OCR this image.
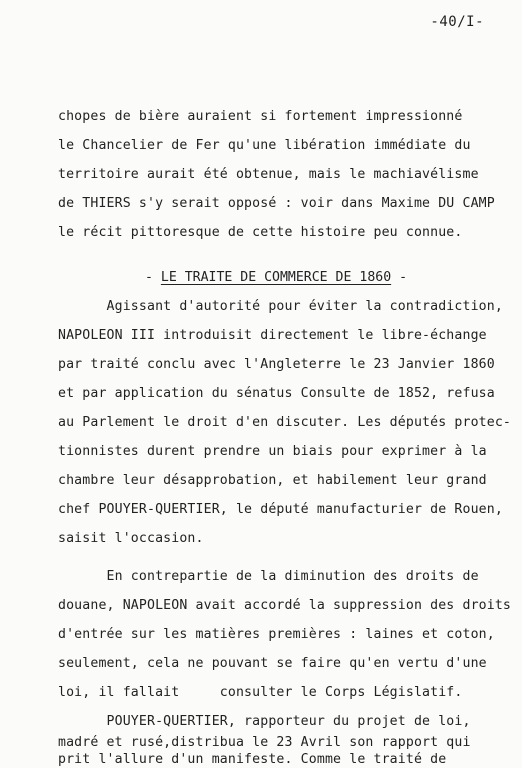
-40/I-
chopes de bière auraient si fortement impressionné
le Chancelier de Fer qu'une libération immédiate du
territoire aurait été obtenue, mais le machiavélisme
de THIERS s'y serait opposé : voir dans Maxime DU CAMP
le récit pittoresque de cette histoire peu connue.
- LE TRAITE DE COMMERCE DE 1860 -
Agissant d'autorité pour éviter la contradiction,
NAPOLEON III introduisit directement le libre-échange
par traité conclu avec l'Angleterre le 23 Janvier 1860
et par application du sénatus Consulte de 1852, refusa
au Parlement le droit d'en discuter. Les députés protec-
tionnistes durent prendre un biais pour exprimer à la
chambre leur désapprobation, et habilement leur grand
chef POUYER-QUERTIER, le député manufacturier de Rouen,
saisit l'occasion.
En contrepartie de la diminution des droits de
douane, NAPOLEON avait accordé la suppression des droits
d'entrée sur les matières premières : laines et coton,
seulement, cela ne pouvant se faire qu'en vertu d'une
loi, il fallait     consulter le Corps Législatif.
POUYER-QUERTIER, rapporteur du projet de loi,
madré et rusé,distribua le 23 Avril son rapport qui
prit l'allure d'un manifeste. Comme le traité de
